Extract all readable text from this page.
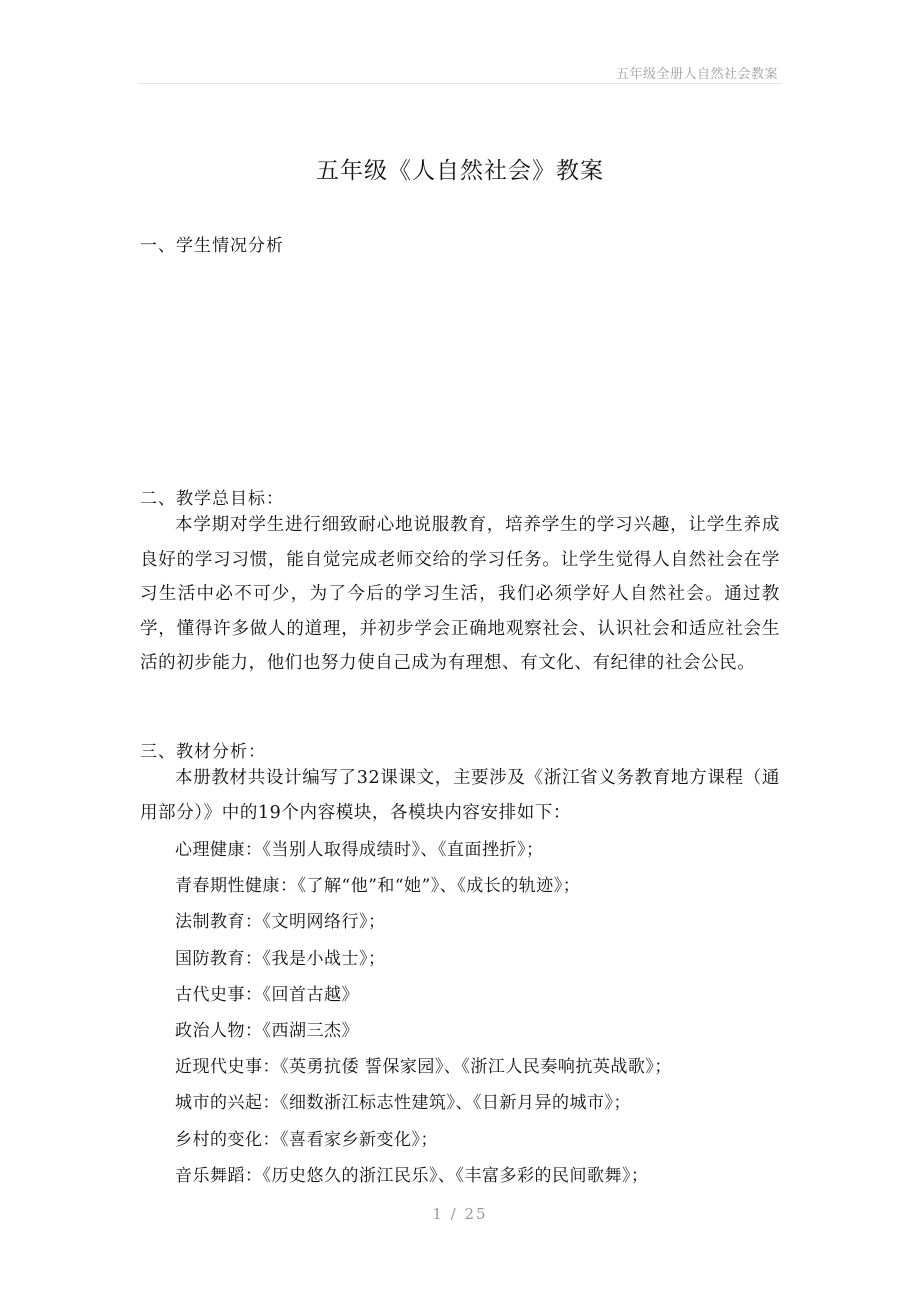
五年级全册人自然社会教案
五年级《人自然社会》教案
一、学生情况分析
二、教学总目标：
本学期对学生进行细致耐心地说服教育，培养学生的学习兴趣，让学生养成良好的学习习惯，能自觉完成老师交给的学习任务。让学生觉得人自然社会在学习生活中必不可少，为了今后的学习生活，我们必须学好人自然社会。通过教学，懂得许多做人的道理，并初步学会正确地观察社会、认识社会和适应社会生活的初步能力，他们也努力使自己成为有理想、有文化、有纪律的社会公民。
三、教材分析：
本册教材共设计编写了32课课文，主要涉及《浙江省义务教育地方课程（通用部分）》中的19个内容模块，各模块内容安排如下：
心理健康：《当别人取得成绩时》、《直面挫折》；
青春期性健康：《了解“他”和“她”》、《成长的轨迹》；
法制教育：《文明网络行》；
国防教育：《我是小战士》；
古代史事：《回首古越》
政治人物：《西湖三杰》
近现代史事：《英勇抗倭 誓保家园》、《浙江人民奏响抗英战歌》；
城市的兴起：《细数浙江标志性建筑》、《日新月异的城市》；
乡村的变化：《喜看家乡新变化》；
音乐舞蹈：《历史悠久的浙江民乐》、《丰富多彩的民间歌舞》；
1 / 25
